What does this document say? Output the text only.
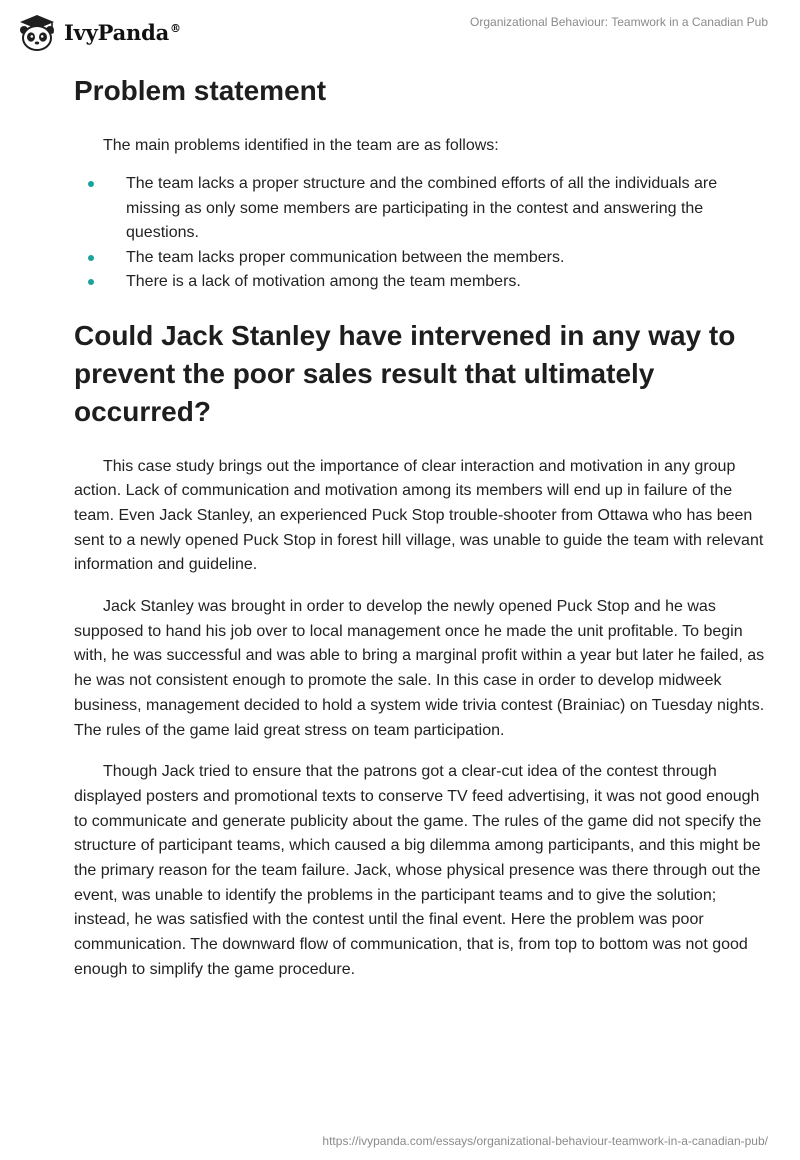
IvyPanda®	Organizational Behaviour: Teamwork in a Canadian Pub
Problem statement

The main problems identified in the team are as follows:

The team lacks a proper structure and the combined efforts of all the individuals are missing as only some members are participating in the contest and answering the questions.
The team lacks proper communication between the members.
There is a lack of motivation among the team members.
Could Jack Stanley have intervened in any way to prevent the poor sales result that ultimately occurred?

This case study brings out the importance of clear interaction and motivation in any group action. Lack of communication and motivation among its members will end up in failure of the team. Even Jack Stanley, an experienced Puck Stop trouble-shooter from Ottawa who has been sent to a newly opened Puck Stop in forest hill village, was unable to guide the team with relevant information and guideline.

Jack Stanley was brought in order to develop the newly opened Puck Stop and he was supposed to hand his job over to local management once he made the unit profitable. To begin with, he was successful and was able to bring a marginal profit within a year but later he failed, as he was not consistent enough to promote the sale. In this case in order to develop midweek business, management decided to hold a system wide trivia contest (Brainiac) on Tuesday nights. The rules of the game laid great stress on team participation.

Though Jack tried to ensure that the patrons got a clear-cut idea of the contest through displayed posters and promotional texts to conserve TV feed advertising, it was not good enough to communicate and generate publicity about the game. The rules of the game did not specify the structure of participant teams, which caused a big dilemma among participants, and this might be the primary reason for the team failure. Jack, whose physical presence was there through out the event, was unable to identify the problems in the participant teams and to give the solution; instead, he was satisfied with the contest until the final event. Here the problem was poor communication. The downward flow of communication, that is, from top to bottom was not good enough to simplify the game procedure.

https://ivypanda.com/essays/organizational-behaviour-teamwork-in-a-canadian-pub/
